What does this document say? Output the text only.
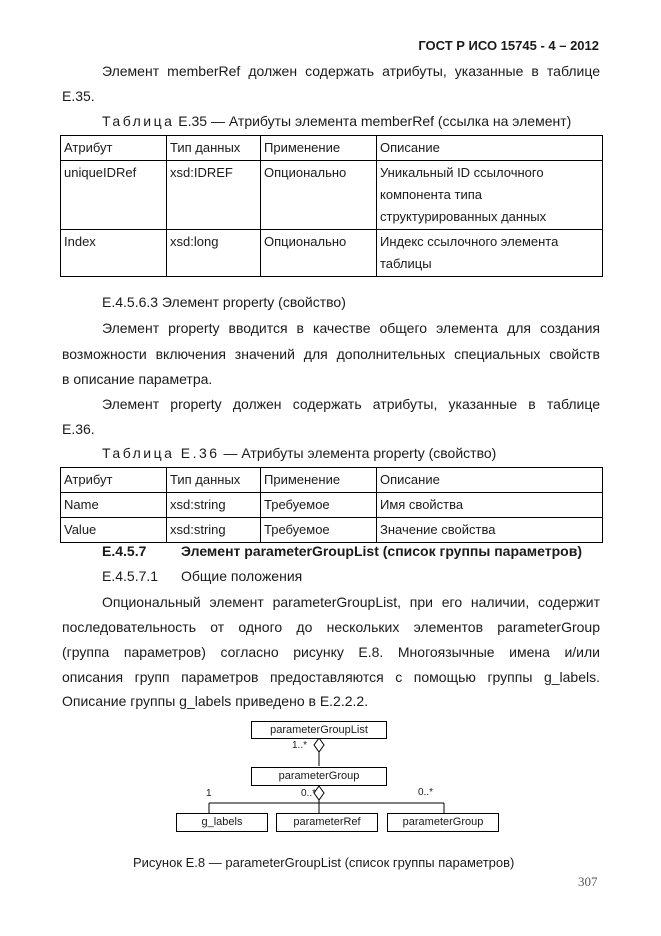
ГОСТ Р ИСО 15745 - 4 – 2012
Элемент memberRef должен содержать атрибуты, указанные в таблице
E.35.
Таблица E.35 — Атрибуты элемента memberRef (ссылка на элемент)
Атрибут	Тип данных	Применение	Описание
uniqueIDRef	xsd:IDREF	Опционально	Уникальный ID ссылочного
компонента типа
структурированных данных

Index	xsd:long	Опционально	Индекс ссылочного элемента
таблицы
E.4.5.6.3 Элемент property (свойство)
Элемент property вводится в качестве общего элемента для создания
возможности включения значений для дополнительных специальных свойств
в описание параметра.
Элемент property должен содержать атрибуты, указанные в таблице
E.36.
Таблица E.36 — Атрибуты элемента property (свойство)
Атрибут	Тип данных	Применение	Описание
Name	xsd:string	Требуемое	Имя свойства
Value	xsd:string	Требуемое	Значение свойства
E.4.5.7 Элемент parameterGroupList (список группы параметров)
E.4.5.7.1 Общие положения
Опциональный элемент parameterGroupList, при его наличии, содержит
последовательность от одного до нескольких элементов parameterGroup
(группа параметров) согласно рисунку E.8. Многоязычные имена и/или
описания групп параметров предоставляются с помощью группы g_labels.
Описание группы g_labels приведено в E.2.2.2.
parameterGroupList
1..*
parameterGroup
1	0..*	0..*
g_labels	parameterRef	parameterGroup
Рисунок E.8 — parameterGroupList (список группы параметров)
307
